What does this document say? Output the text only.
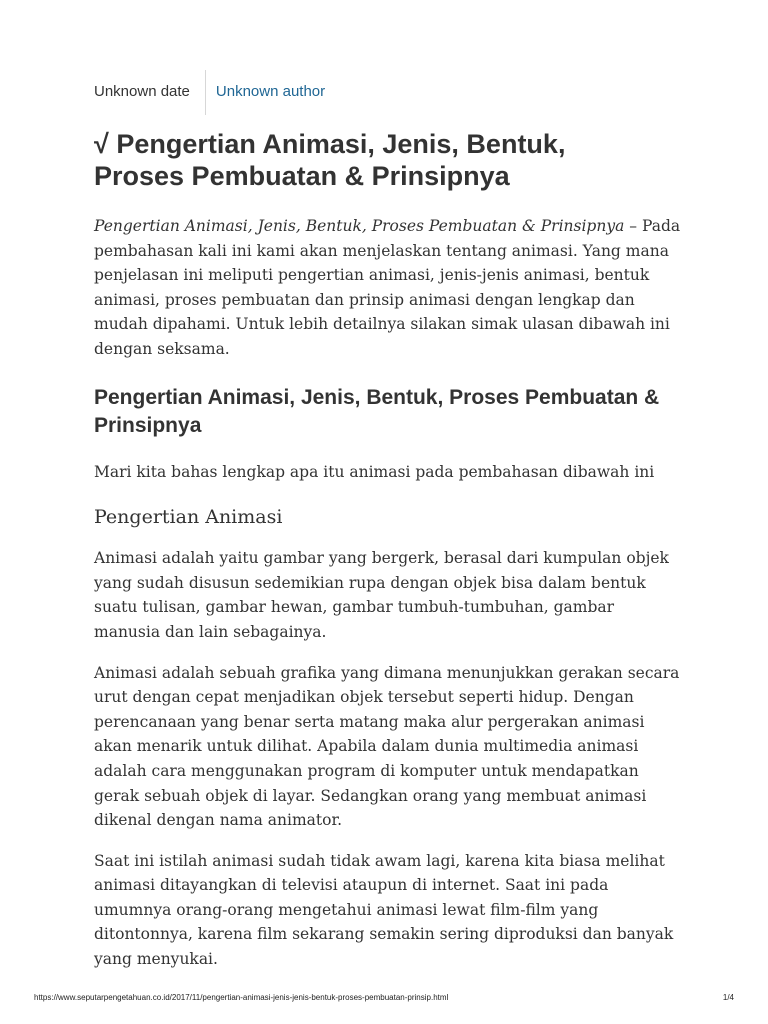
Unknown date	Unknown author
√ Pengertian Animasi, Jenis, Bentuk, Proses Pembuatan & Prinsipnya

Pengertian Animasi, Jenis, Bentuk, Proses Pembuatan & Prinsipnya – Pada pembahasan kali ini kami akan menjelaskan tentang animasi. Yang mana penjelasan ini meliputi pengertian animasi, jenis-jenis animasi, bentuk animasi, proses pembuatan dan prinsip animasi dengan lengkap dan mudah dipahami. Untuk lebih detailnya silakan simak ulasan dibawah ini dengan seksama.

Pengertian Animasi, Jenis, Bentuk, Proses Pembuatan & Prinsipnya

Mari kita bahas lengkap apa itu animasi pada pembahasan dibawah ini

Pengertian Animasi

Animasi adalah yaitu gambar yang bergerk, berasal dari kumpulan objek yang sudah disusun sedemikian rupa dengan objek bisa dalam bentuk suatu tulisan, gambar hewan, gambar tumbuh-tumbuhan, gambar manusia dan lain sebagainya.

Animasi adalah sebuah grafika yang dimana menunjukkan gerakan secara urut dengan cepat menjadikan objek tersebut seperti hidup. Dengan perencanaan yang benar serta matang maka alur pergerakan animasi akan menarik untuk dilihat. Apabila dalam dunia multimedia animasi adalah cara menggunakan program di komputer untuk mendapatkan gerak sebuah objek di layar. Sedangkan orang yang membuat animasi dikenal dengan nama animator.

Saat ini istilah animasi sudah tidak awam lagi, karena kita biasa melihat animasi ditayangkan di televisi ataupun di internet. Saat ini pada umumnya orang-orang mengetahui animasi lewat film-film yang ditontonnya, karena film sekarang semakin sering diproduksi dan banyak yang menyukai.

https://www.seputarpengetahuan.co.id/2017/11/pengertian-animasi-jenis-jenis-bentuk-proses-pembuatan-prinsip.html	1/4
